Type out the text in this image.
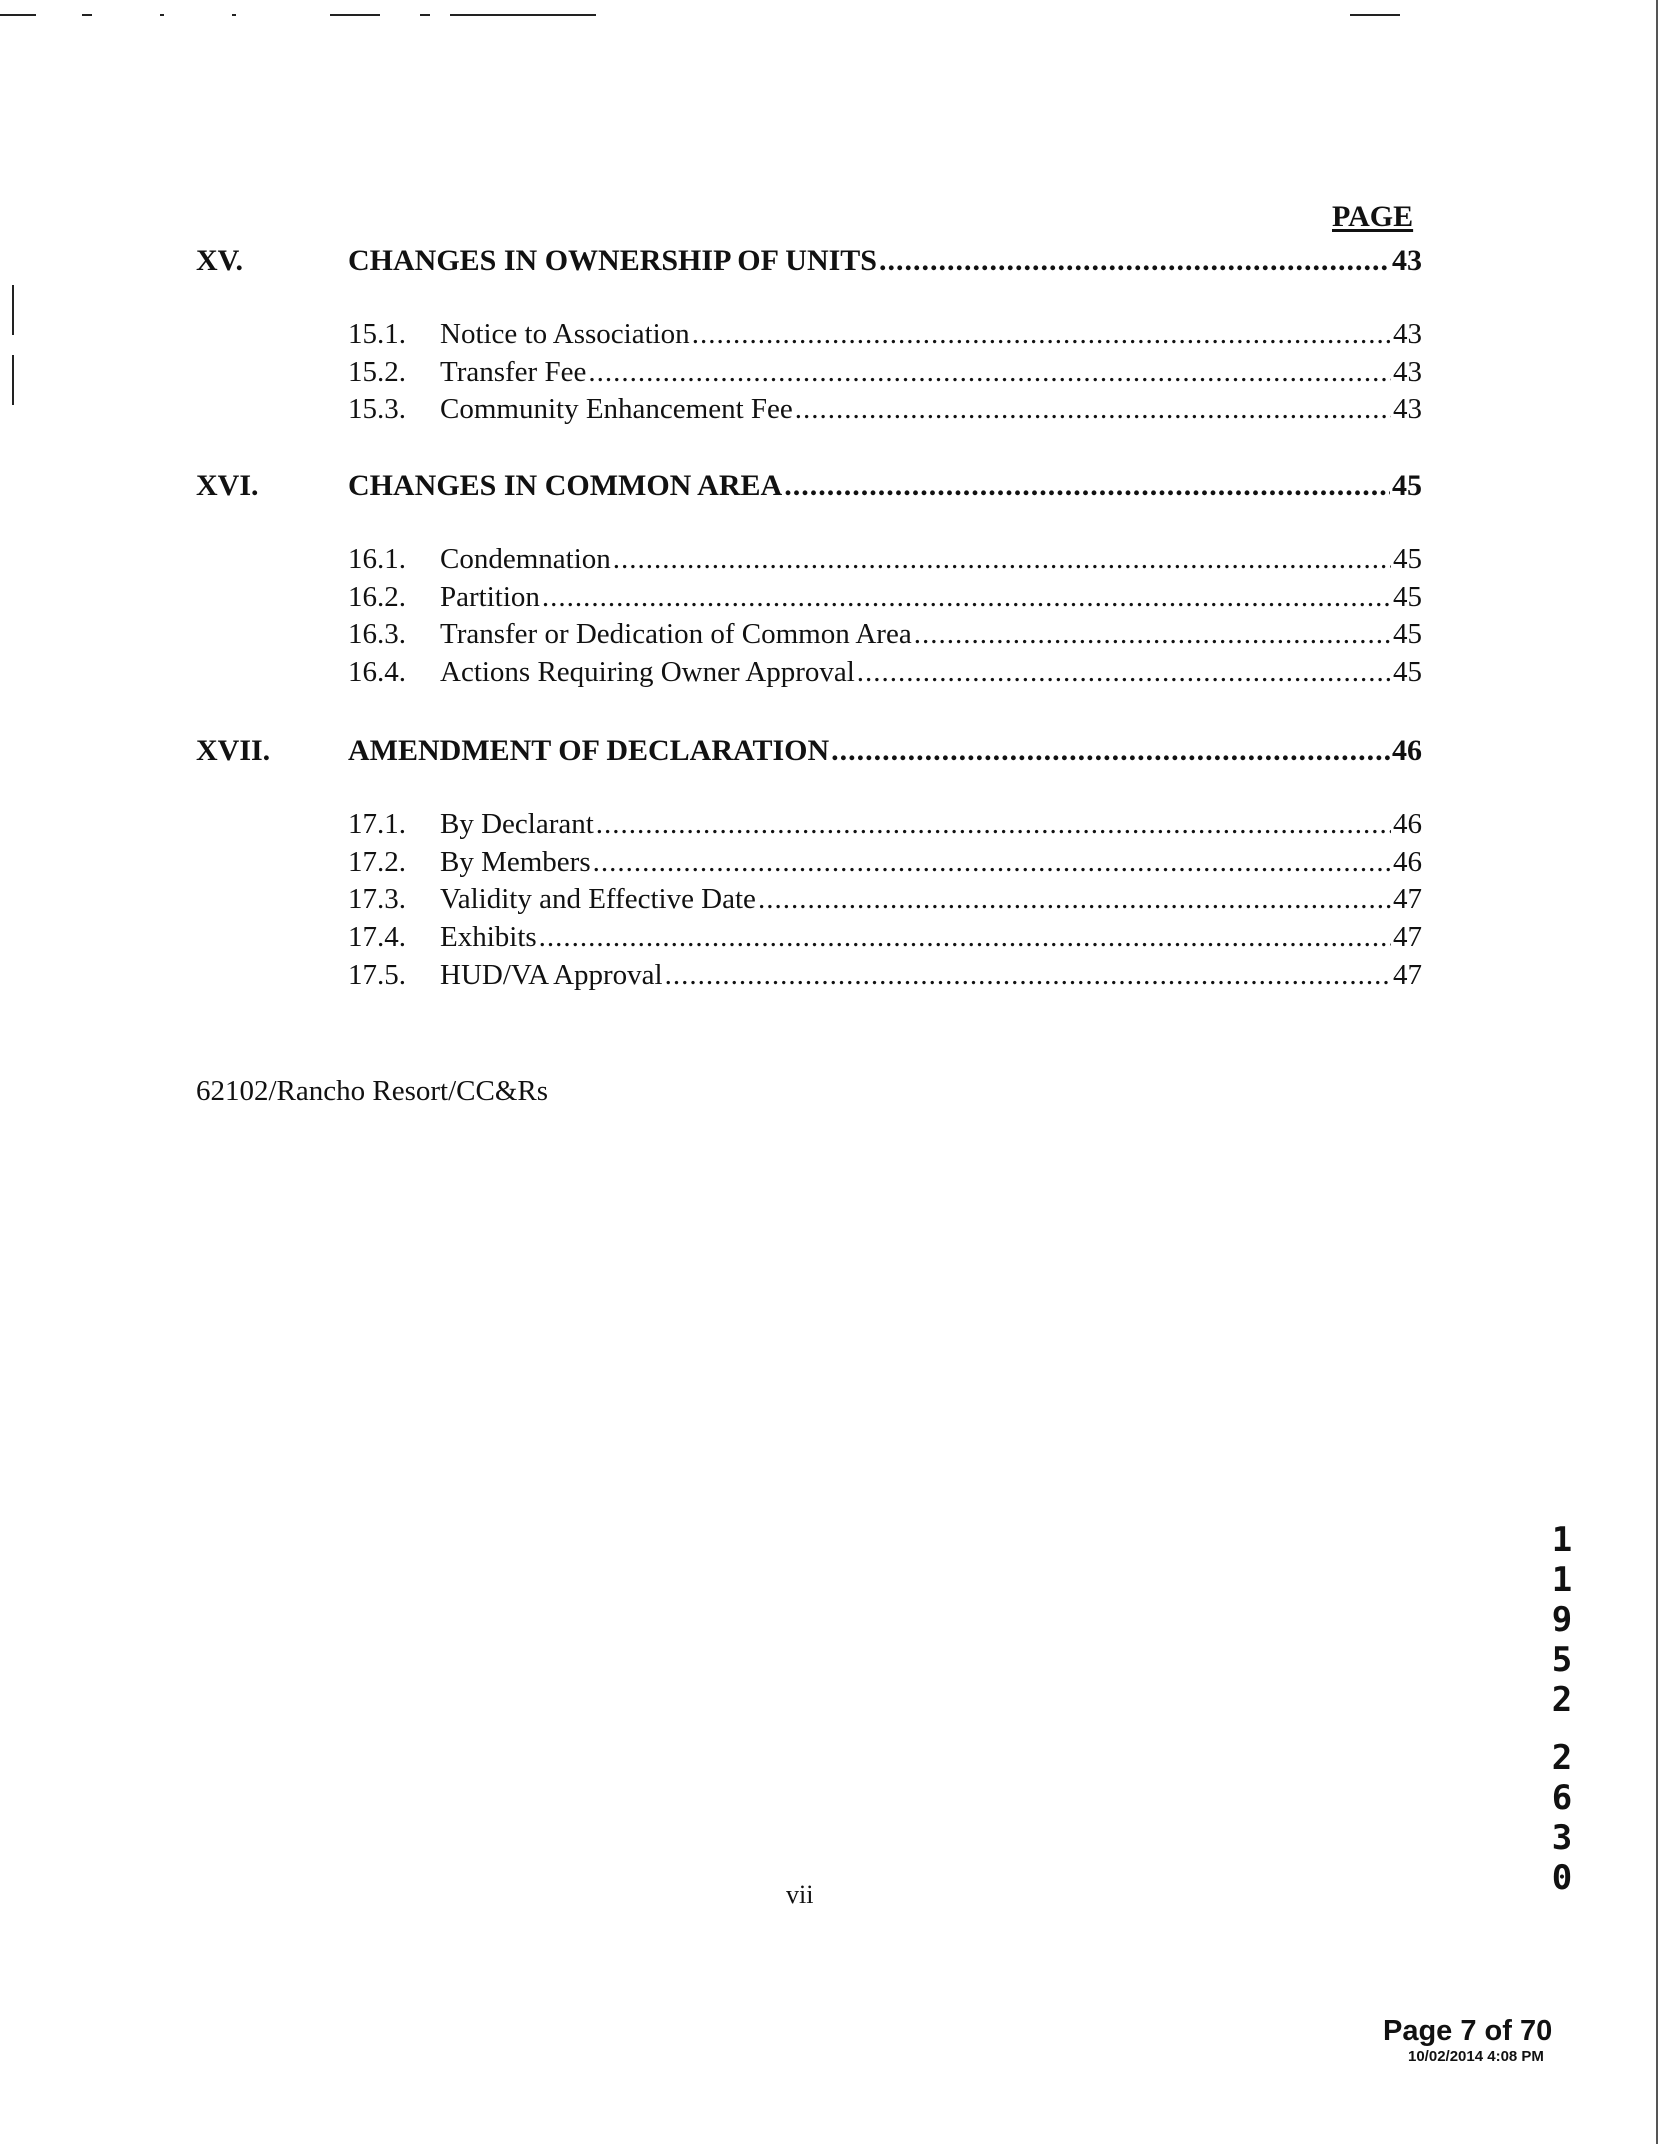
PAGE
XV.	CHANGES IN OWNERSHIP OF UNITS .....	43
15.1.	Notice to Association .....	43
15.2.	Transfer Fee .....	43
15.3.	Community Enhancement Fee .....	43
XVI.	CHANGES IN COMMON AREA .....	45
16.1.	Condemnation .....	45
16.2.	Partition .....	45
16.3.	Transfer or Dedication of Common Area .....	45
16.4.	Actions Requiring Owner Approval .....	45
XVII.	AMENDMENT OF DECLARATION .....	46
17.1.	By Declarant .....	46
17.2.	By Members .....	46
17.3.	Validity and Effective Date .....	47
17.4.	Exhibits .....	47
17.5.	HUD/VA Approval .....	47
62102/Rancho Resort/CC&Rs
vii
1
1
9
5
2
2
6
3
0
Page 7 of 70
10/02/2014 4:08 PM
